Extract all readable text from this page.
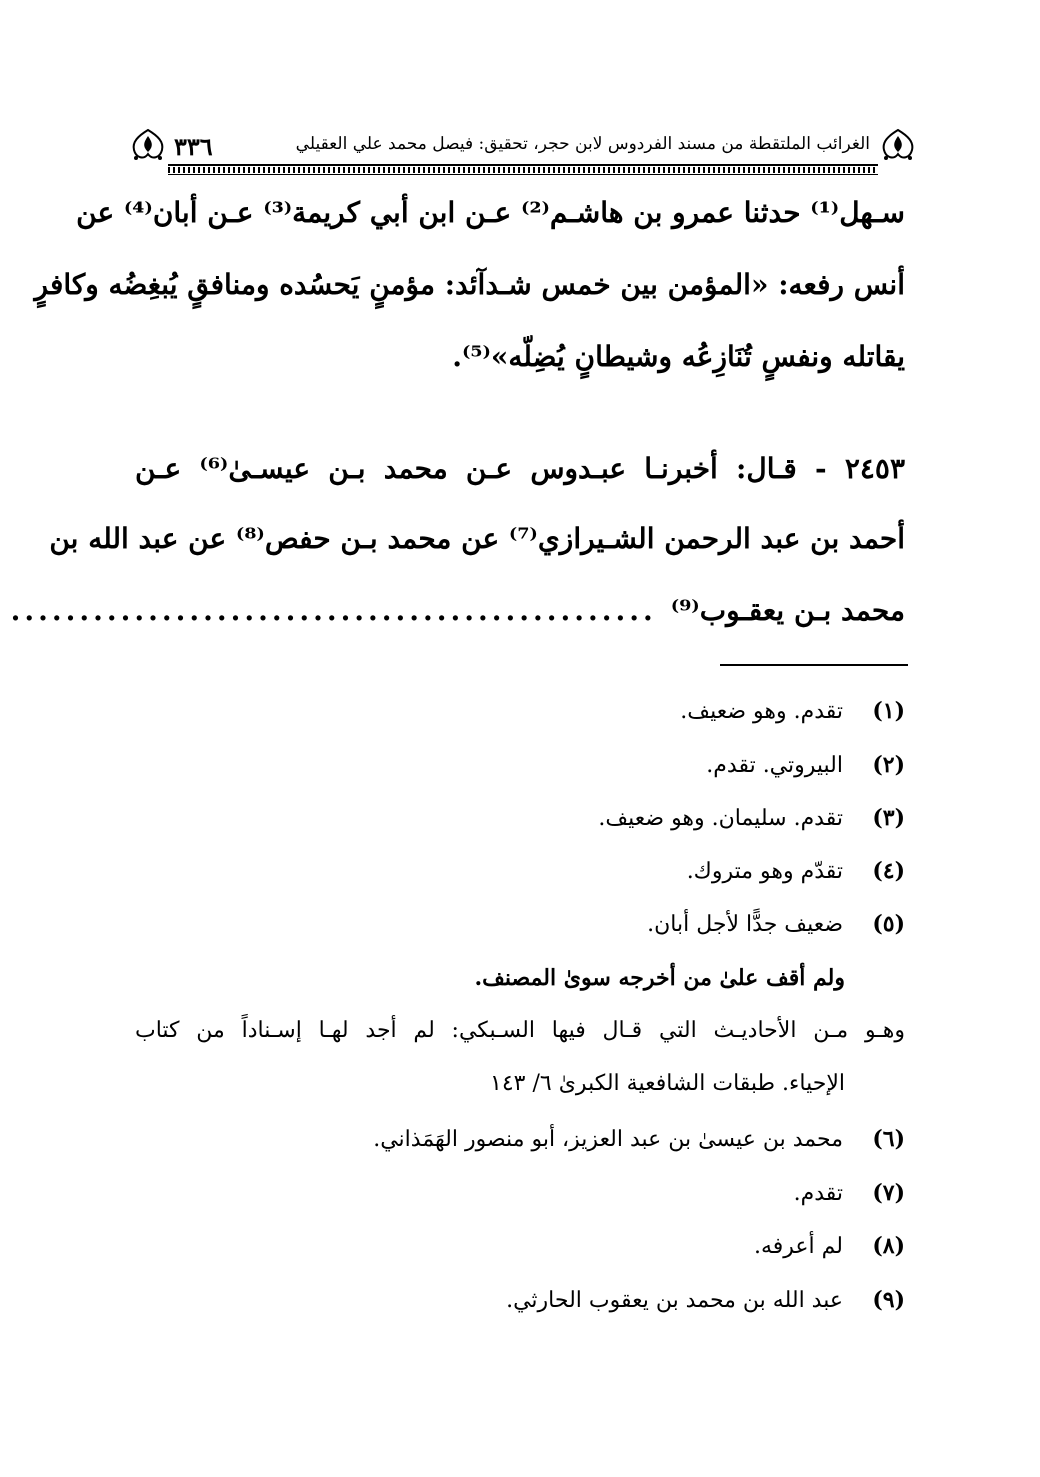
٣٣٦	الغرائب الملتقطة من مسند الفردوس لابن حجر، تحقيق: فيصل محمد علي العقيلي
سـهل⁽¹⁾ حدثنا عمرو بن هاشـم⁽²⁾ عـن ابن أبي كريمة⁽³⁾ عـن أبان⁽⁴⁾ عن
أنس رفعه: «المؤمن بين خمس شـدآئد: مؤمنٍ يَحسُده ومنافقٍ يُبغِضُه وكافرٍ
يقاتله ونفسٍ تُنَازِعُه وشيطانٍ يُضِلّه»⁽⁵⁾.
٢٤٥٣ - قـال: أخبرنـا عبـدوس عـن محمد بـن عيسـىٰ⁽⁶⁾ عـن
أحمد بن عبد الرحمن الشـيرازي⁽⁷⁾ عن محمد بـن حفص⁽⁸⁾ عن عبد الله بن
محمد بـن يعقـوب⁽⁹⁾
...............................................
(١)
تقدم. وهو ضعيف.
(٢)
البيروتي. تقدم.
(٣)
تقدم. سليمان. وهو ضعيف.
(٤)
تقدّم وهو متروك.
(٥)
ضعيف جدًّا لأجل أبان.
ولم أقف علىٰ من أخرجه سوىٰ المصنف.
وهـو مـن الأحاديـث التي قـال فيها السـبكي: لم أجد لهـا إسـناداً من كتاب
الإحياء. طبقات الشافعية الكبرىٰ ٦/ ١٤٣
(٦)
محمد بن عيسىٰ بن عبد العزيز، أبو منصور الهَمَذاني.
(٧)
تقدم.
(٨)
لم أعرفه.
(٩)
عبد الله بن محمد بن يعقوب الحارثي.
